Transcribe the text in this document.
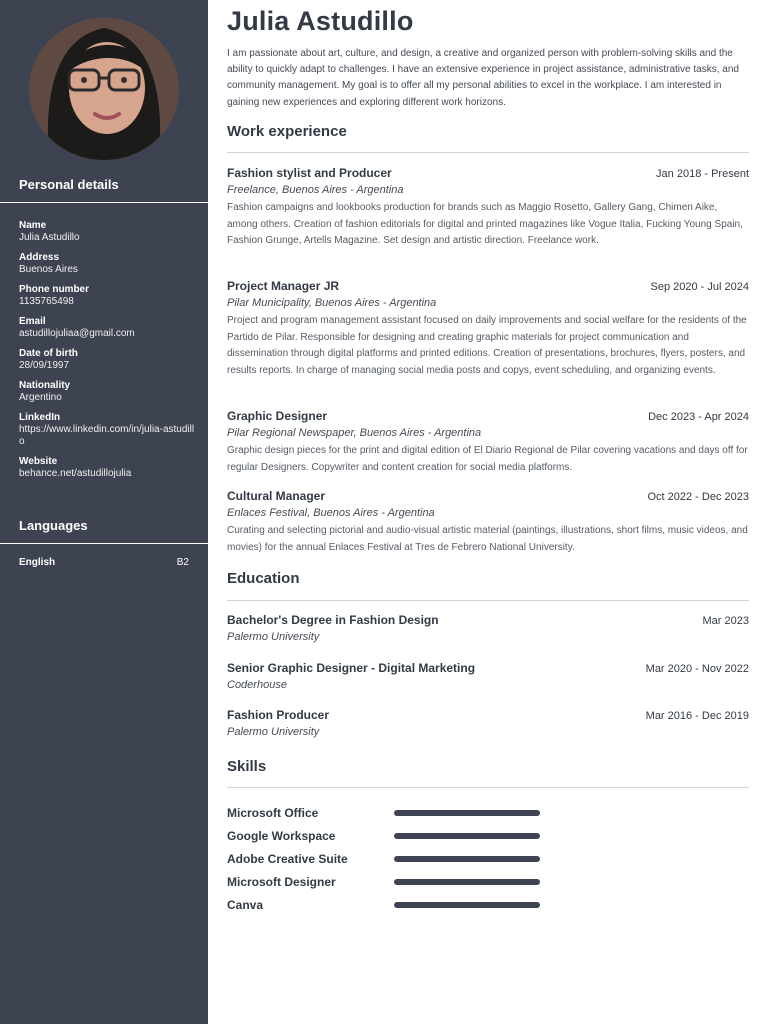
Personal details
Name
Julia Astudillo
Address
Buenos Aires
Phone number
1135765498
Email
astudillojuliaa@gmail.com
Date of birth
28/09/1997
Nationality
Argentino
LinkedIn
https://www.linkedin.com/in/julia-astudillo
Website
behance.net/astudillojulia
Languages
English	B2
Julia Astudillo
I am passionate about art, culture, and design, a creative and organized person with problem-solving skills and the ability to quickly adapt to challenges. I have an extensive experience in project assistance, administrative tasks, and community management. My goal is to offer all my personal abilities to excel in the workplace. I am interested in gaining new experiences and exploring different work horizons.
Work experience
Fashion stylist and Producer	Jan 2018 - Present
Freelance, Buenos Aires - Argentina
Fashion campaigns and lookbooks production for brands such as Maggio Rosetto, Gallery Gang, Chimen Aike, among others. Creation of fashion editorials for digital and printed magazines like Vogue Italia, Fucking Young Spain, Fashion Grunge, Artells Magazine. Set design and artistic direction. Freelance work.
Project Manager JR	Sep 2020 - Jul 2024
Pilar Municipality, Buenos Aires - Argentina
Project and program management assistant focused on daily improvements and social welfare for the residents of the Partido de Pilar. Responsible for designing and creating graphic materials for project communication and dissemination through digital platforms and printed editions. Creation of presentations, brochures, flyers, posters, and results reports. In charge of managing social media posts and copys, event scheduling, and organizing events.
Graphic Designer	Dec 2023 - Apr 2024
Pilar Regional Newspaper, Buenos Aires - Argentina
Graphic design pieces for the print and digital edition of El Diario Regional de Pilar covering vacations and days off for regular Designers. Copywriter and content creation for social media platforms.
Cultural Manager	Oct 2022 - Dec 2023
Enlaces Festival, Buenos Aires - Argentina
Curating and selecting pictorial and audio-visual artistic material (paintings, illustrations, short films, music videos, and movies) for the annual Enlaces Festival at Tres de Febrero National University.
Education
Bachelor's Degree in Fashion Design	Mar 2023
Palermo University
Senior Graphic Designer - Digital Marketing	Mar 2020 - Nov 2022
Coderhouse
Fashion Producer	Mar 2016 - Dec 2019
Palermo University
Skills
Microsoft Office
Google Workspace
Adobe Creative Suite
Microsoft Designer
Canva
